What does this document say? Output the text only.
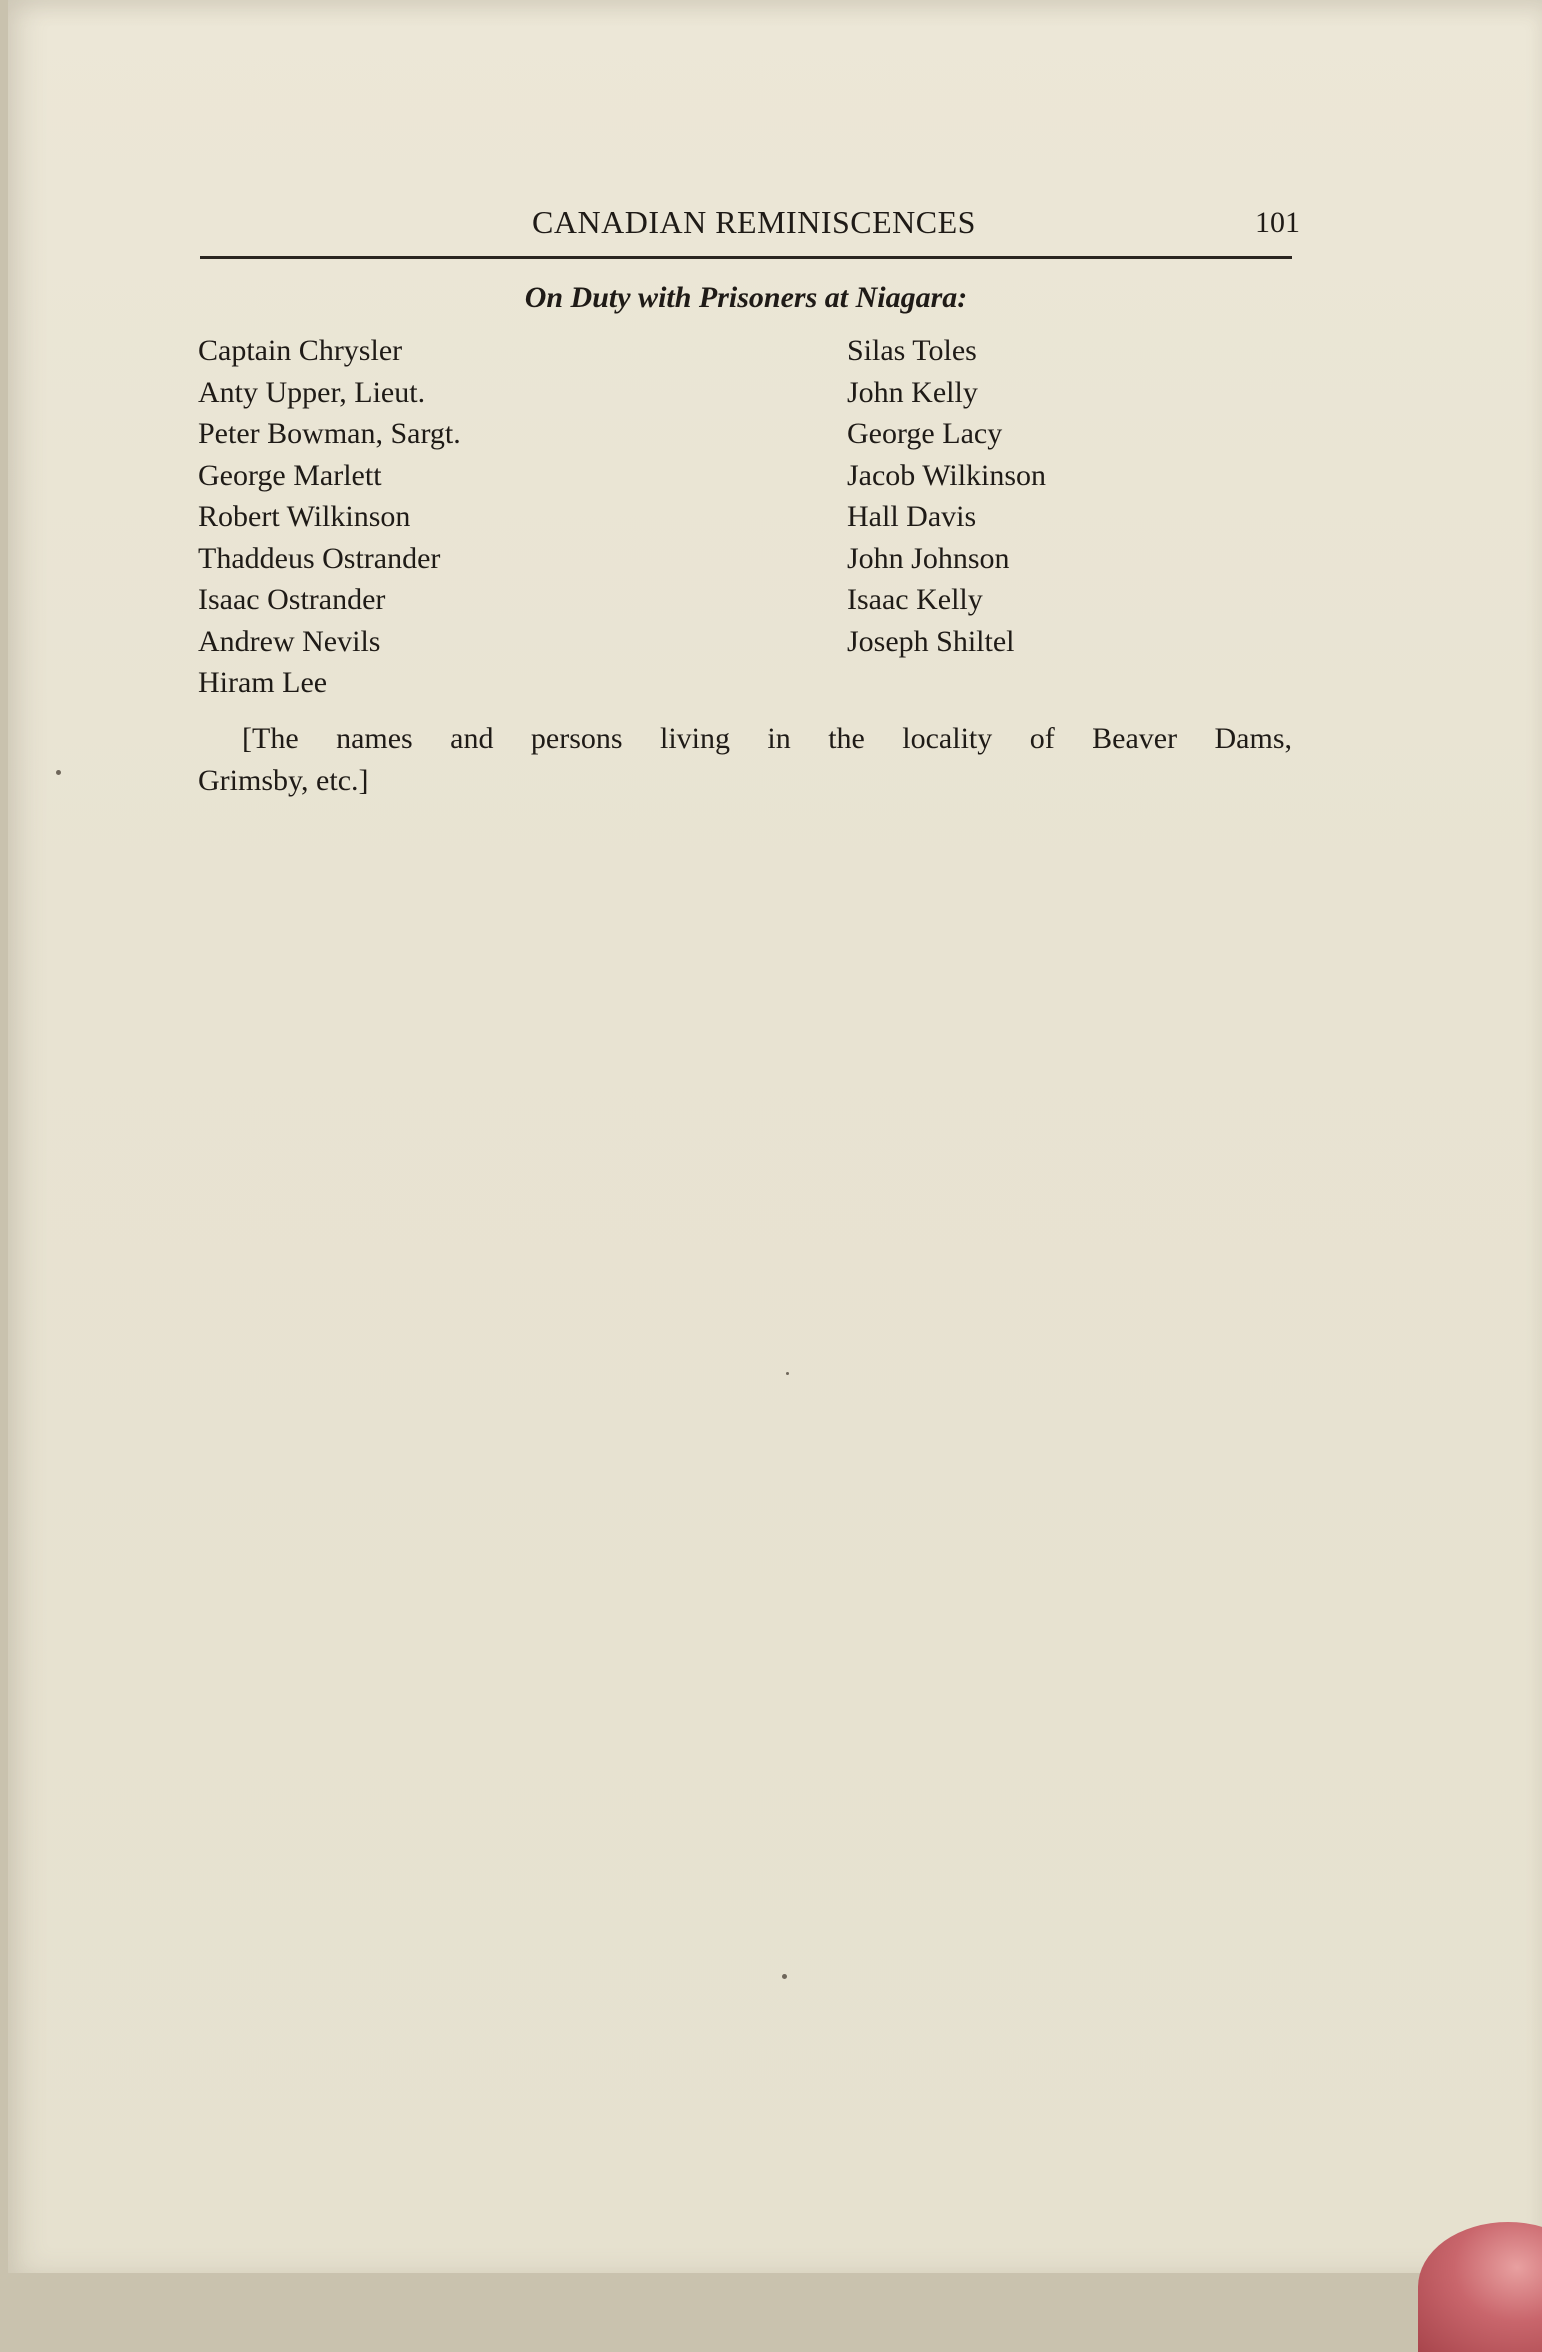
CANADIAN REMINISCENCES	101
On Duty with Prisoners at Niagara:
Captain Chrysler
Anty Upper, Lieut.
Peter Bowman, Sargt.
George Marlett
Robert Wilkinson
Thaddeus Ostrander
Isaac Ostrander
Andrew Nevils
Hiram Lee
Silas Toles
John Kelly
George Lacy
Jacob Wilkinson
Hall Davis
John Johnson
Isaac Kelly
Joseph Shiltel
[The names and persons living in the locality of Beaver Dams,
Grimsby, etc.]
